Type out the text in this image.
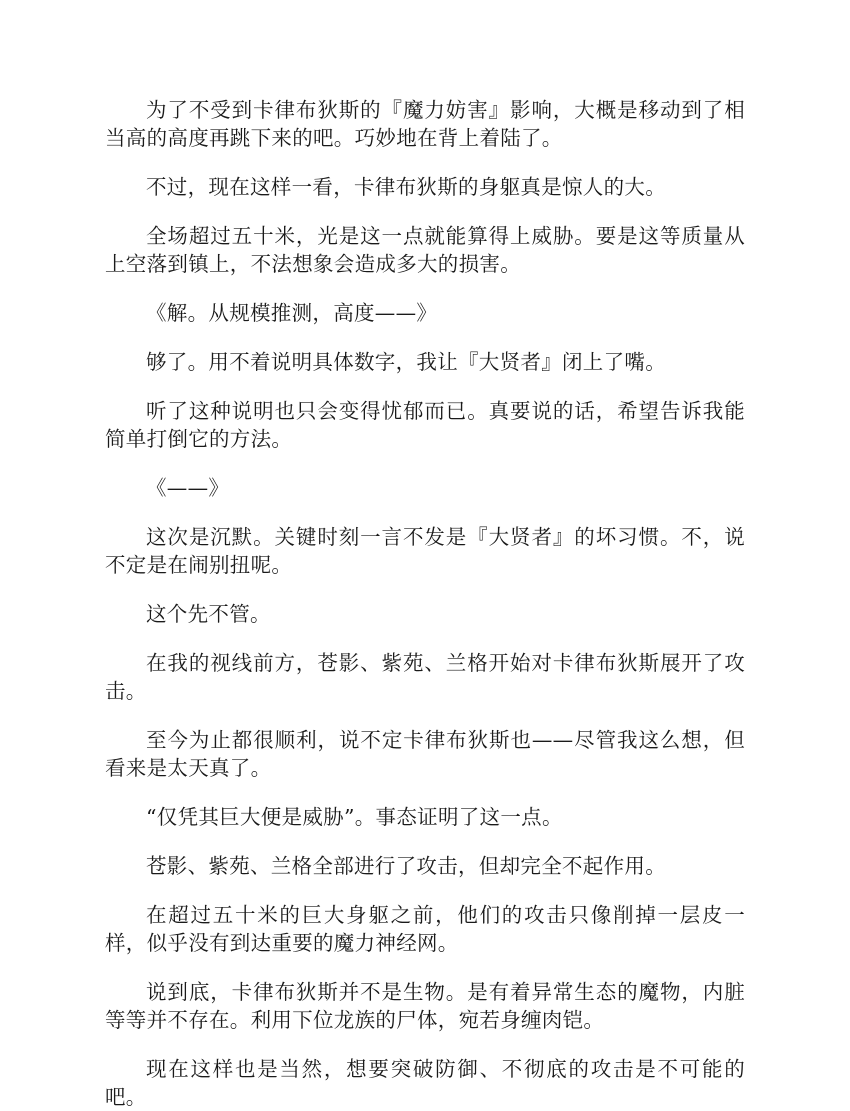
为了不受到卡律布狄斯的『魔力妨害』影响，大概是移动到了相当高的高度再跳下来的吧。巧妙地在背上着陆了。

不过，现在这样一看，卡律布狄斯的身躯真是惊人的大。

全场超过五十米，光是这一点就能算得上威胁。要是这等质量从上空落到镇上，不法想象会造成多大的损害。

《解。从规模推测，高度——》

够了。用不着说明具体数字，我让『大贤者』闭上了嘴。

听了这种说明也只会变得忧郁而已。真要说的话，希望告诉我能简单打倒它的方法。

《——》

这次是沉默。关键时刻一言不发是『大贤者』的坏习惯。不，说不定是在闹别扭呢。

这个先不管。

在我的视线前方，苍影、紫苑、兰格开始对卡律布狄斯展开了攻击。

至今为止都很顺利，说不定卡律布狄斯也——尽管我这么想，但看来是太天真了。

“仅凭其巨大便是威胁”。事态证明了这一点。

苍影、紫苑、兰格全部进行了攻击，但却完全不起作用。

在超过五十米的巨大身躯之前，他们的攻击只像削掉一层皮一样，似乎没有到达重要的魔力神经网。

说到底，卡律布狄斯并不是生物。是有着异常生态的魔物，内脏等等并不存在。利用下位龙族的尸体，宛若身缠肉铠。

现在这样也是当然，想要突破防御、不彻底的攻击是不可能的吧。
